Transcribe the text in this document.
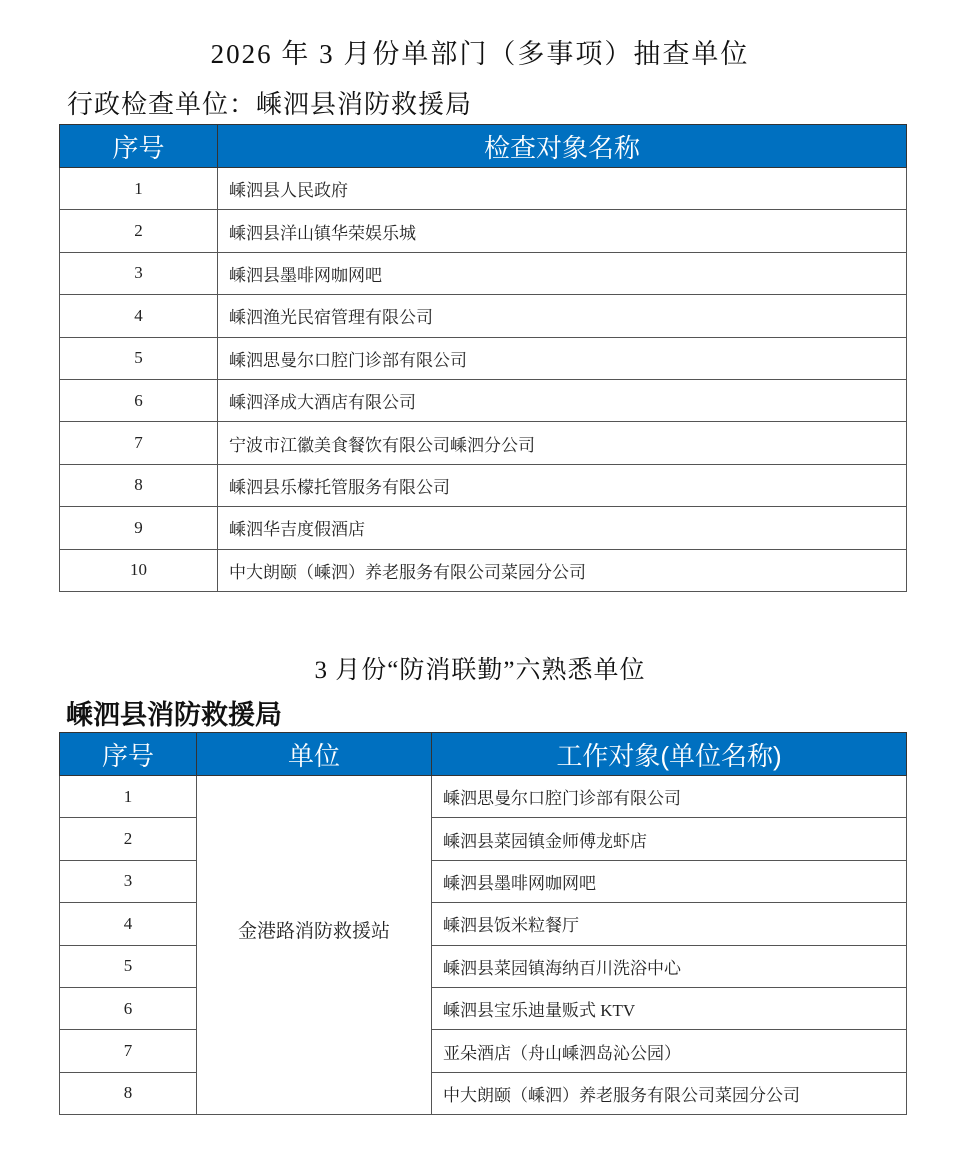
2026 年 3 月份单部门（多事项）抽查单位
行政检查单位：嵊泗县消防救援局
序号	检查对象名称
1	嵊泗县人民政府
2	嵊泗县洋山镇华荣娱乐城
3	嵊泗县墨啡网咖网吧
4	嵊泗渔光民宿管理有限公司
5	嵊泗思曼尔口腔门诊部有限公司
6	嵊泗泽成大酒店有限公司
7	宁波市江徽美食餐饮有限公司嵊泗分公司
8	嵊泗县乐檬托管服务有限公司
9	嵊泗华吉度假酒店
10	中大朗颐（嵊泗）养老服务有限公司菜园分公司
3 月份“防消联勤”六熟悉单位
嵊泗县消防救援局
序号	单位	工作对象(单位名称)
1	金港路消防救援站	嵊泗思曼尔口腔门诊部有限公司
2		嵊泗县菜园镇金师傅龙虾店
3		嵊泗县墨啡网咖网吧
4		嵊泗县饭米粒餐厅
5		嵊泗县菜园镇海纳百川洗浴中心
6		嵊泗县宝乐迪量贩式 KTV
7		亚朵酒店（舟山嵊泗岛沁公园）
8		中大朗颐（嵊泗）养老服务有限公司菜园分公司
